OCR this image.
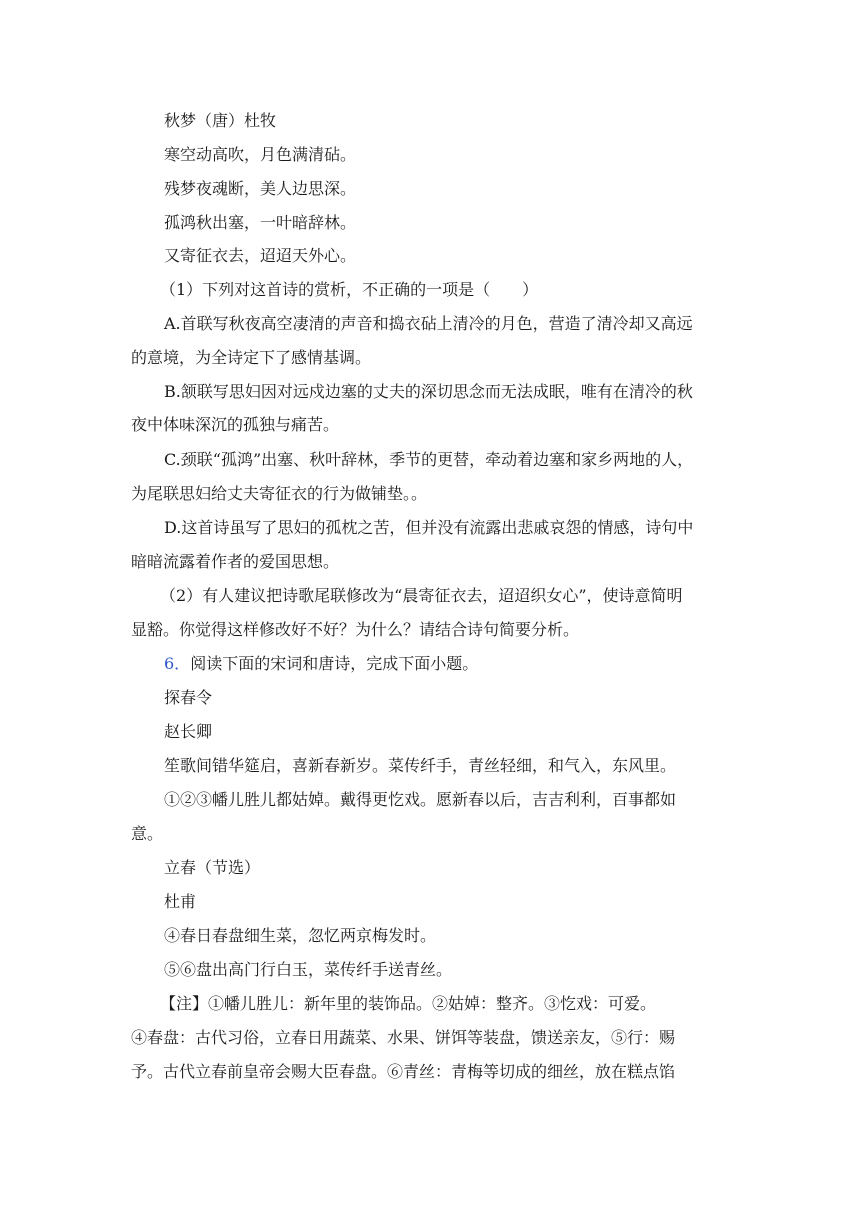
秋梦（唐）杜牧
寒空动高吹，月色满清砧。
残梦夜魂断，美人边思深。
孤鸿秋出塞，一叶暗辞林。
又寄征衣去，迢迢天外心。
（1）下列对这首诗的赏析，不正确的一项是（　　）
A.首联写秋夜高空凄清的声音和捣衣砧上清冷的月色，营造了清冷却又高远
的意境，为全诗定下了感情基调。
B.颔联写思妇因对远戍边塞的丈夫的深切思念而无法成眠，唯有在清冷的秋
夜中体味深沉的孤独与痛苦。
C.颈联“孤鸿”出塞、秋叶辞林，季节的更替，牵动着边塞和家乡两地的人，
为尾联思妇给丈夫寄征衣的行为做铺垫。。
D.这首诗虽写了思妇的孤枕之苦，但并没有流露出悲戚哀怨的情感，诗句中
暗暗流露着作者的爱国思想。
（2）有人建议把诗歌尾联修改为“晨寄征衣去，迢迢织女心”，使诗意简明
显豁。你觉得这样修改好不好？为什么？请结合诗句简要分析。
6．阅读下面的宋词和唐诗，完成下面小题。
探春令
赵长卿
笙歌间错华筵启，喜新春新岁。菜传纤手，青丝轻细，和气入，东风里。
①②③幡儿胜儿都姑婥。戴得更忔戏。愿新春以后，吉吉利利，百事都如
意。
立春（节选）
杜甫
④春日春盘细生菜，忽忆两京梅发时。
⑤⑥盘出高门行白玉，菜传纤手送青丝。
【注】①幡儿胜儿：新年里的装饰品。②姑婥：整齐。③忔戏：可爱。
④春盘：古代习俗，立春日用蔬菜、水果、饼饵等装盘，馈送亲友，⑤行：赐
予。古代立春前皇帝会赐大臣春盘。⑥青丝：青梅等切成的细丝，放在糕点馅
